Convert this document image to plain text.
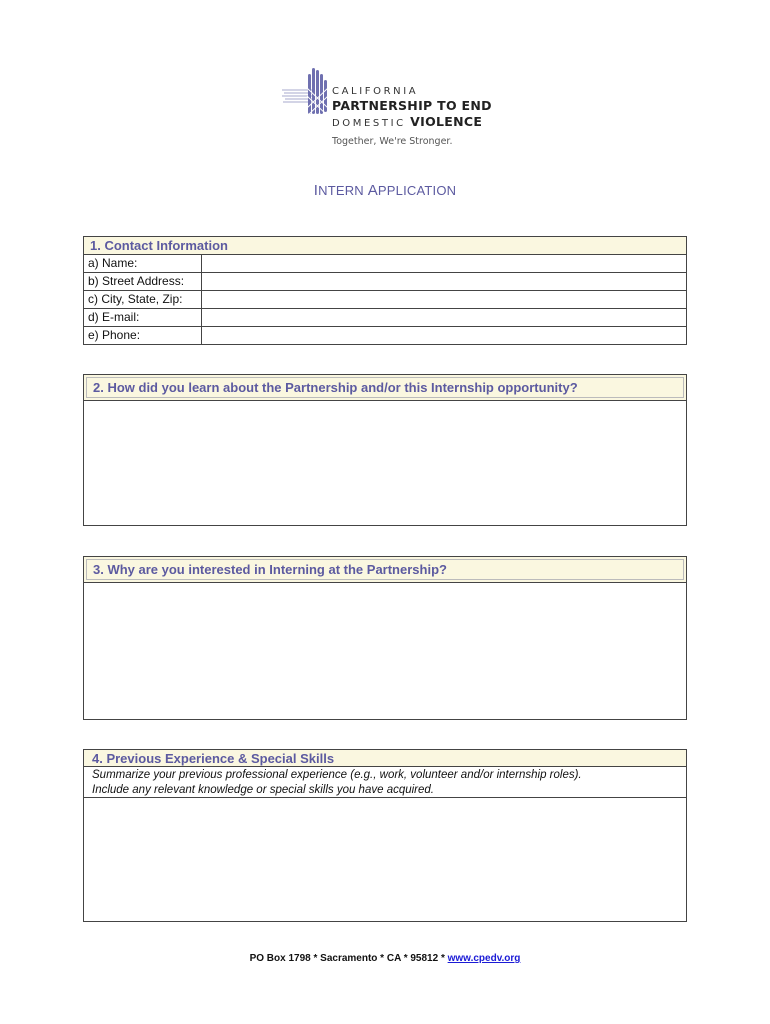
CALIFORNIA
PARTNERSHIP TO END
DOMESTIC VIOLENCE
Together, We're Stronger.
INTERN APPLICATION
1. Contact Information	
a) Name:	
b) Street Address:	
c) City, State, Zip:	
d) E-mail:	
e) Phone:	
2. How did you learn about the Partnership and/or this Internship opportunity?
3. Why are you interested in Interning at the Partnership?
4. Previous Experience & Special Skills
Summarize your previous professional experience (e.g., work, volunteer and/or internship roles).
Include any relevant knowledge or special skills you have acquired.
PO Box 1798 * Sacramento * CA * 95812 * www.cpedv.org
